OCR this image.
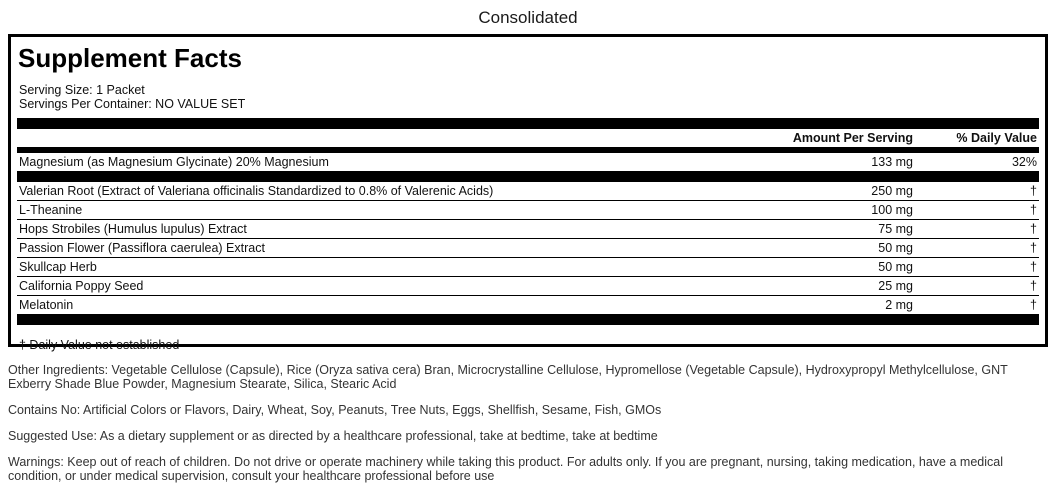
Consolidated
Supplement Facts
Serving Size: 1 Packet
Servings Per Container: NO VALUE SET

	Amount Per Serving	% Daily Value

Magnesium (as Magnesium Glycinate) 20% Magnesium	133 mg	32%

Valerian Root (Extract of Valeriana officinalis Standardized to 0.8% of Valerenic Acids)	250 mg	†
L-Theanine	100 mg	†
Hops Strobiles (Humulus lupulus) Extract	75 mg	†
Passion Flower (Passiflora caerulea) Extract	50 mg	†
Skullcap Herb	50 mg	†
California Poppy Seed	25 mg	†
Melatonin	2 mg	†

† Daily Value not established

Other Ingredients: Vegetable Cellulose (Capsule), Rice (Oryza sativa cera) Bran, Microcrystalline Cellulose, Hypromellose (Vegetable Capsule), Hydroxypropyl Methylcellulose, GNT Exberry Shade Blue Powder, Magnesium Stearate, Silica, Stearic Acid

Contains No: Artificial Colors or Flavors, Dairy, Wheat, Soy, Peanuts, Tree Nuts, Eggs, Shellfish, Sesame, Fish, GMOs

Suggested Use: As a dietary supplement or as directed by a healthcare professional, take at bedtime, take at bedtime

Warnings: Keep out of reach of children. Do not drive or operate machinery while taking this product. For adults only. If you are pregnant, nursing, taking medication, have a medical condition, or under medical supervision, consult your healthcare professional before use
